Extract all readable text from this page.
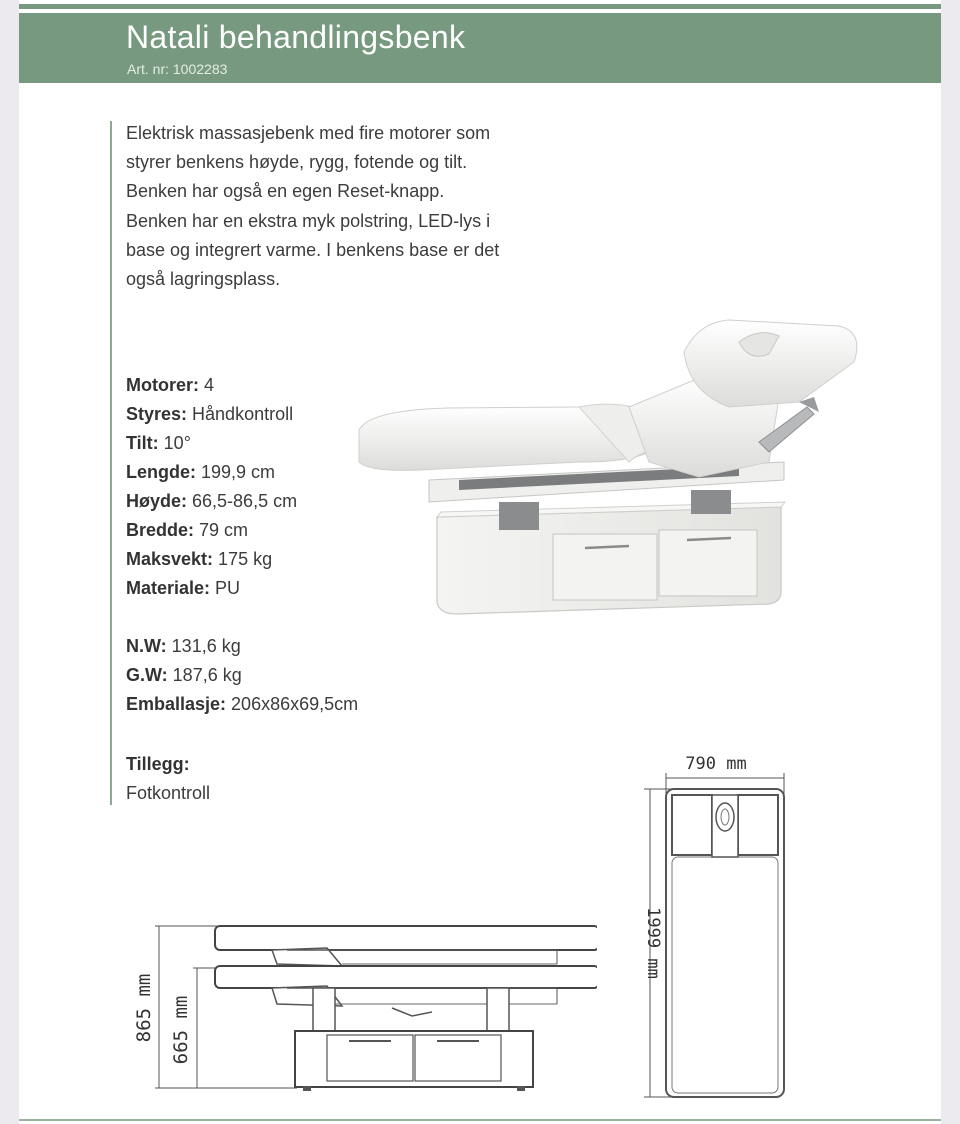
Natali behandlingsbenk
Art. nr: 1002283
Elektrisk massasjebenk med fire motorer som
styrer benkens høyde, rygg, fotende og tilt.
Benken har også en egen Reset-knapp.
Benken har en ekstra myk polstring, LED-lys i
base og integrert varme. I benkens base er det
også lagringsplass.
Motorer: 4
Styres: Håndkontroll
Tilt: 10°
Lengde: 199,9 cm
Høyde: 66,5-86,5 cm
Bredde: 79 cm
Maksvekt: 175 kg
Materiale: PU
N.W: 131,6 kg
G.W: 187,6 kg
Emballasje: 206x86x69,5cm
Tillegg:
Fotkontroll
790 mm
1999 mm
865 mm 665 mm
